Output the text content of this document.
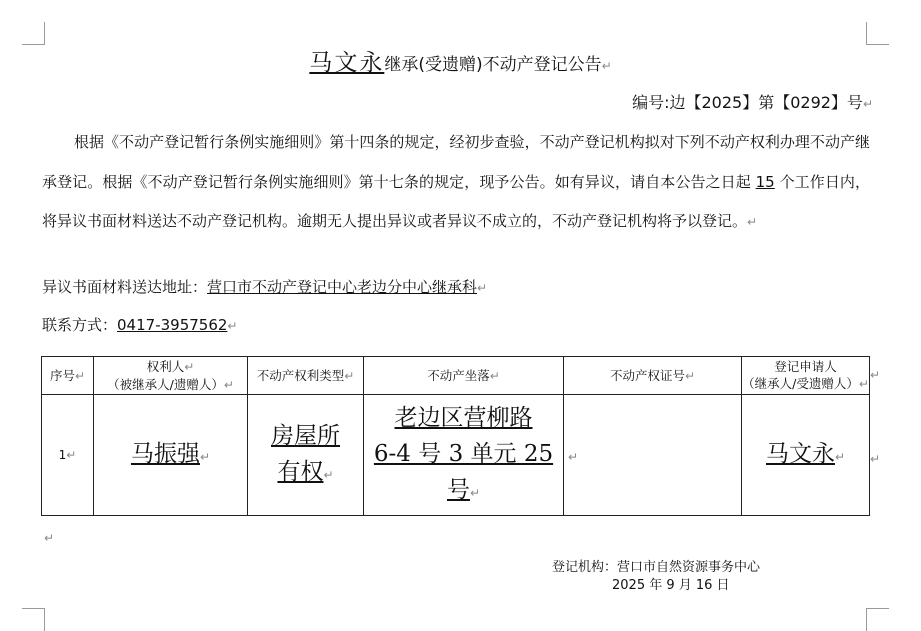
马文永继承(受遗赠)不动产登记公告↵
编号:边【2025】第【0292】号↵
根据《不动产登记暂行条例实施细则》第十四条的规定，经初步查验，不动产登记机构拟对下列不动产权利办理不动产继承登记。根据《不动产登记暂行条例实施细则》第十七条的规定，现予公告。如有异议，请自本公告之日起 15 个工作日内，将异议书面材料送达不动产登记机构。逾期无人提出异议或者异议不成立的，不动产登记机构将予以登记。↵
异议书面材料送达地址：营口市不动产登记中心老边分中心继承科↵
联系方式：0417-3957562↵
序号↵	权利人↵
（被继承人/遗赠人）↵	不动产权利类型↵	不动产坐落↵	不动产权证号↵	登记申请人
（继承人/受遗赠人）↵
1↵	马振强↵	房屋所
有权↵	老边区营柳路
6-4 号 3 单元 25
号↵	↵	马文永↵
↵
↵
↵
登记机构：营口市自然资源事务中心
2025 年 9 月 16 日
